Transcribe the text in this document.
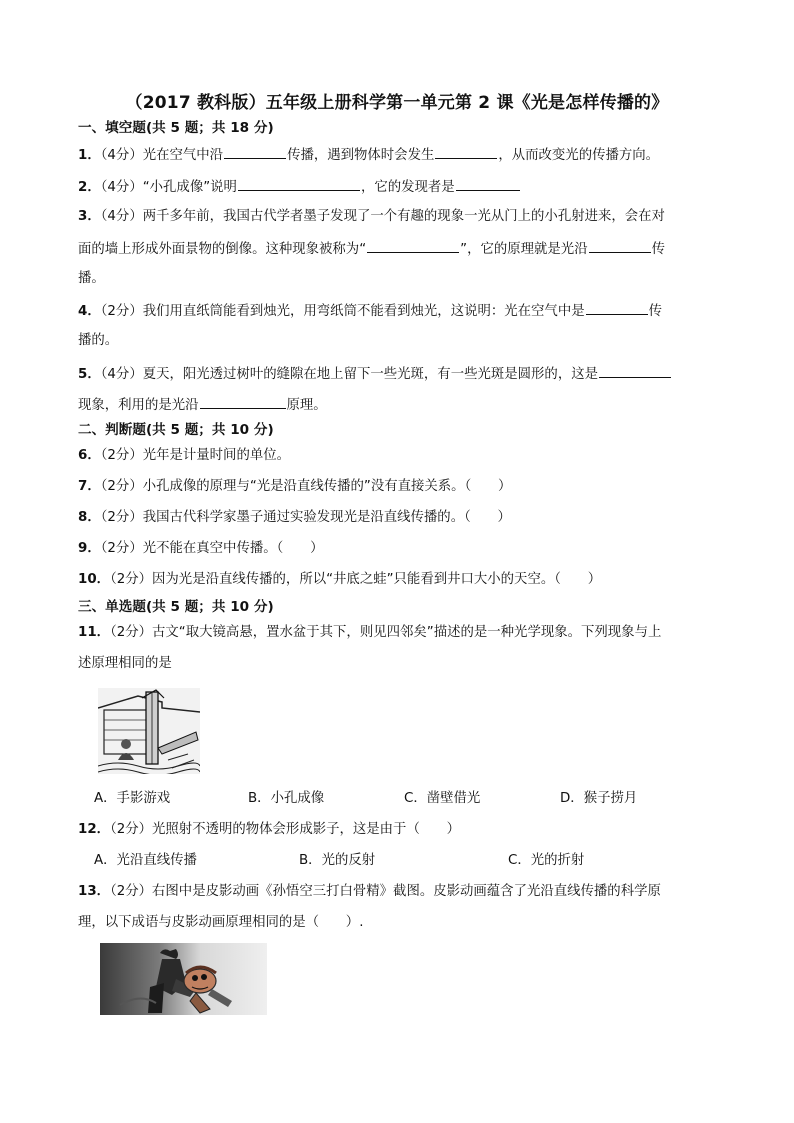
（2017 教科版）五年级上册科学第一单元第 2 课《光是怎样传播的》
一、填空题(共 5 题；共 18 分)
1．（4分）光在空气中沿	传播，遇到物体时会发生	，从而改变光的传播方向。
2．（4分）“小孔成像”说明	，它的发现者是
3．（4分）两千多年前，我国古代学者墨子发现了一个有趣的现象一光从门上的小孔射进来，会在对
面的墙上形成外面景物的倒像。这种现象被称为“	”，它的原理就是光沿	传
播。
4．（2分）我们用直纸筒能看到烛光，用弯纸筒不能看到烛光，这说明：光在空气中是	传
播的。
5．（4分）夏天，阳光透过树叶的缝隙在地上留下一些光斑，有一些光斑是圆形的，这是
现象，利用的是光沿	原理。
二、判断题(共 5 题；共 10 分)
6．（2分）光年是计量时间的单位。
7．（2分）小孔成像的原理与“光是沿直线传播的”没有直接关系。（　　）
8．（2分）我国古代科学家墨子通过实验发现光是沿直线传播的。（　　）
9．（2分）光不能在真空中传播。（　　）
10．（2分）因为光是沿直线传播的，所以“井底之蛙”只能看到井口大小的天空。（　　）
三、单选题(共 5 题；共 10 分)
11．（2分）古文“取大镜高悬，置水盆于其下，则见四邻矣”描述的是一种光学现象。下列现象与上
述原理相同的是
A．手影游戏	B．小孔成像	C．凿壁借光	D．猴子捞月
12．（2分）光照射不透明的物体会形成影子，这是由于（　　）
A．光沿直线传播	B．光的反射	C．光的折射
13．（2分）右图中是皮影动画《孙悟空三打白骨精》截图。皮影动画蕴含了光沿直线传播的科学原
理，以下成语与皮影动画原理相同的是（　　）.
